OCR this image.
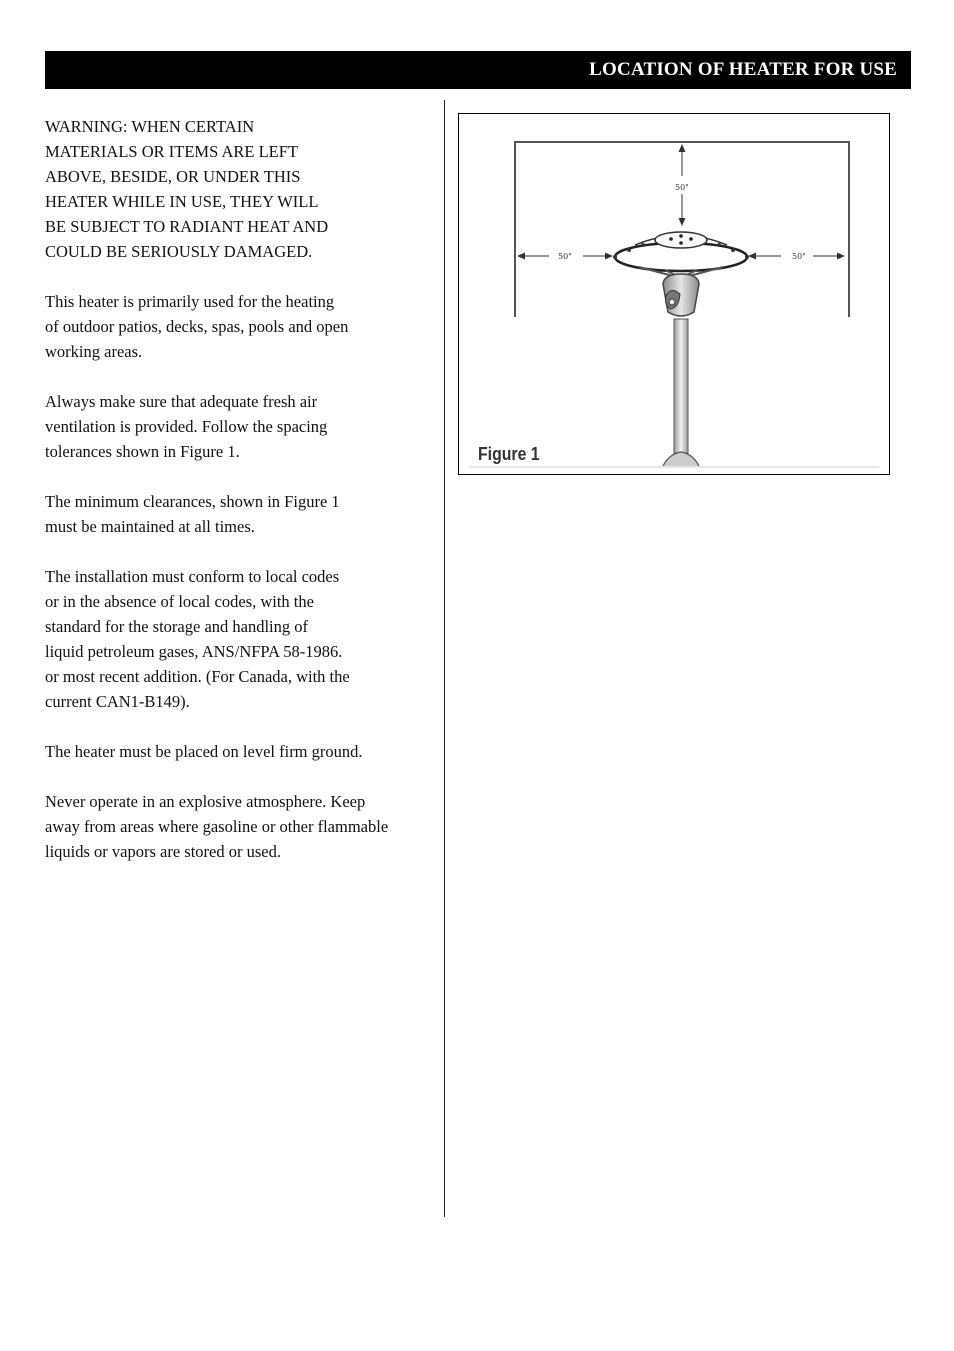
LOCATION OF HEATER FOR USE

WARNING: WHEN CERTAIN
MATERIALS OR ITEMS ARE LEFT
ABOVE, BESIDE, OR UNDER THIS
HEATER WHILE IN USE, THEY WILL
BE SUBJECT TO RADIANT HEAT AND
COULD BE SERIOUSLY DAMAGED.

This heater is primarily used for the heating
of outdoor patios, decks, spas, pools and open
working areas.

Always make sure that adequate fresh air
ventilation is provided. Follow the spacing
tolerances shown in Figure 1.

The minimum clearances, shown in Figure 1
must be maintained at all times.

The installation must conform to local codes
or in the absence of local codes, with the
standard for the storage and handling of
liquid petroleum gases, ANS/NFPA 58-1986.
or most recent addition. (For Canada, with the
current CAN1-B149).

The heater must be placed on level firm ground.

Never operate in an explosive atmosphere. Keep
away from areas where gasoline or other flammable
liquids or vapors are stored or used.

50"
50"	50"
Figure 1
